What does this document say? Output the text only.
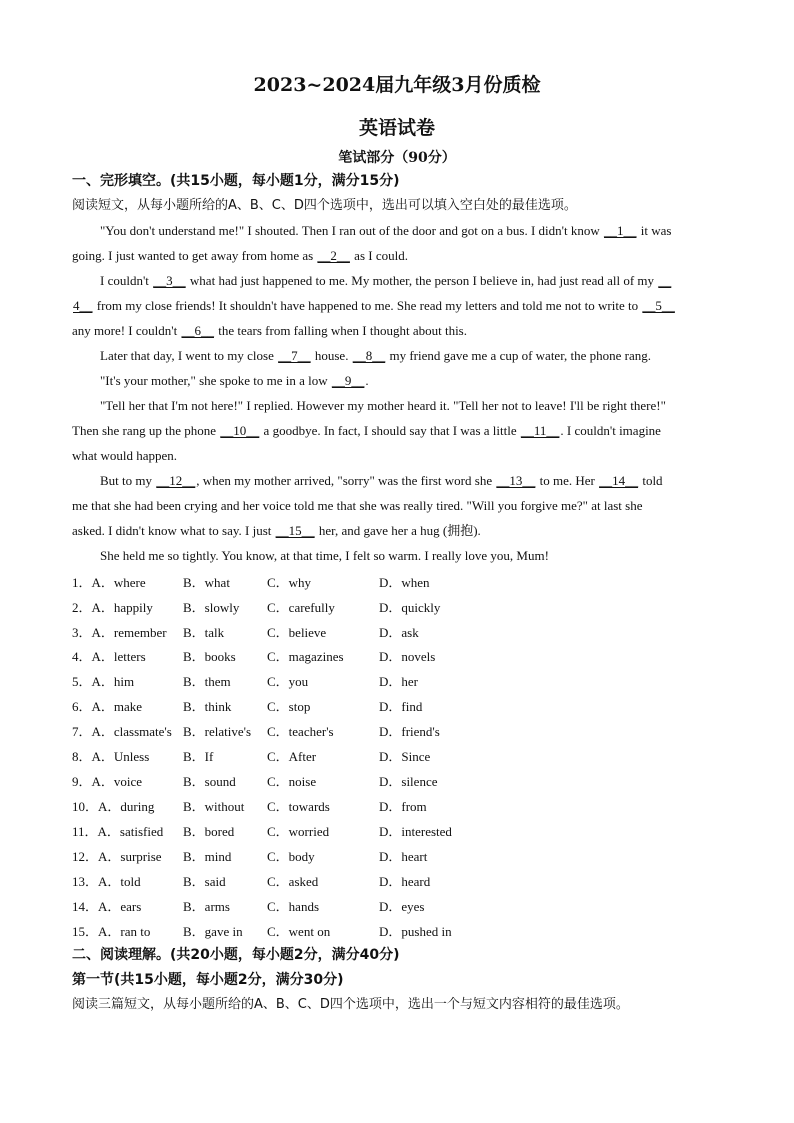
2023~2024届九年级3月份质检
英语试卷
笔试部分（90分）
一、完形填空。(共15小题，每小题1分，满分15分)
阅读短文，从每小题所给的A、B、C、D四个选项中，选出可以填入空白处的最佳选项。
"You don't understand me!" I shouted. Then I ran out of the door and got on a bus. I didn't know __1__ it was
going. I just wanted to get away from home as __2__ as I could.
I couldn't __3__ what had just happened to me. My mother, the person I believe in, had just read all of my __
4__ from my close friends! It shouldn't have happened to me. She read my letters and told me not to write to __5__
any more! I couldn't __6__ the tears from falling when I thought about this.
Later that day, I went to my close __7__ house. __8__ my friend gave me a cup of water, the phone rang.
"It's your mother," she spoke to me in a low __9__.
"Tell her that I'm not here!" I replied. However my mother heard it. "Tell her not to leave! I'll be right there!"
Then she rang up the phone __10__ a goodbye. In fact, I should say that I was a little __11__. I couldn't imagine
what would happen.
But to my __12__, when my mother arrived, "sorry" was the first word she __13__ to me. Her __14__ told
me that she had been crying and her voice told me that she was really tired. "Will you forgive me?" at last she
asked. I didn't know what to say. I just __15__ her, and gave her a hug (拥抱).
She held me so tightly. You know, at that time, I felt so warm. I really love you, Mum!
1．A．where	B．what	C．why	D．when
2．A．happily B．slowly C．carefully	D．quickly
3．A．remember B．talk	C．believe	D．ask
4．A．letters	B．books C．magazines	D．novels
5．A．him	B．them	C．you	D．her
6．A．make	B．think	C．stop	D．find
7．A．classmate's B．relative's C．teacher's	D．friend's
8．A．Unless	B．If	C．After	D．Since
9．A．voice	B．sound C．noise	D．silence
10．A．during B．without C．towards	D．from
11．A．satisfied B．bored	C．worried	D．interested
12．A．surprise B．mind	C．body	D．heart
13．A．told	B．said	C．asked	D．heard
14．A．ears	B．arms	C．hands	D．eyes
15．A．ran to	B．gave in C．went on	D．pushed in
二、阅读理解。(共20小题，每小题2分，满分40分)
第一节(共15小题，每小题2分，满分30分)
阅读三篇短文，从每小题所给的A、B、C、D四个选项中，选出一个与短文内容相符的最佳选项。
